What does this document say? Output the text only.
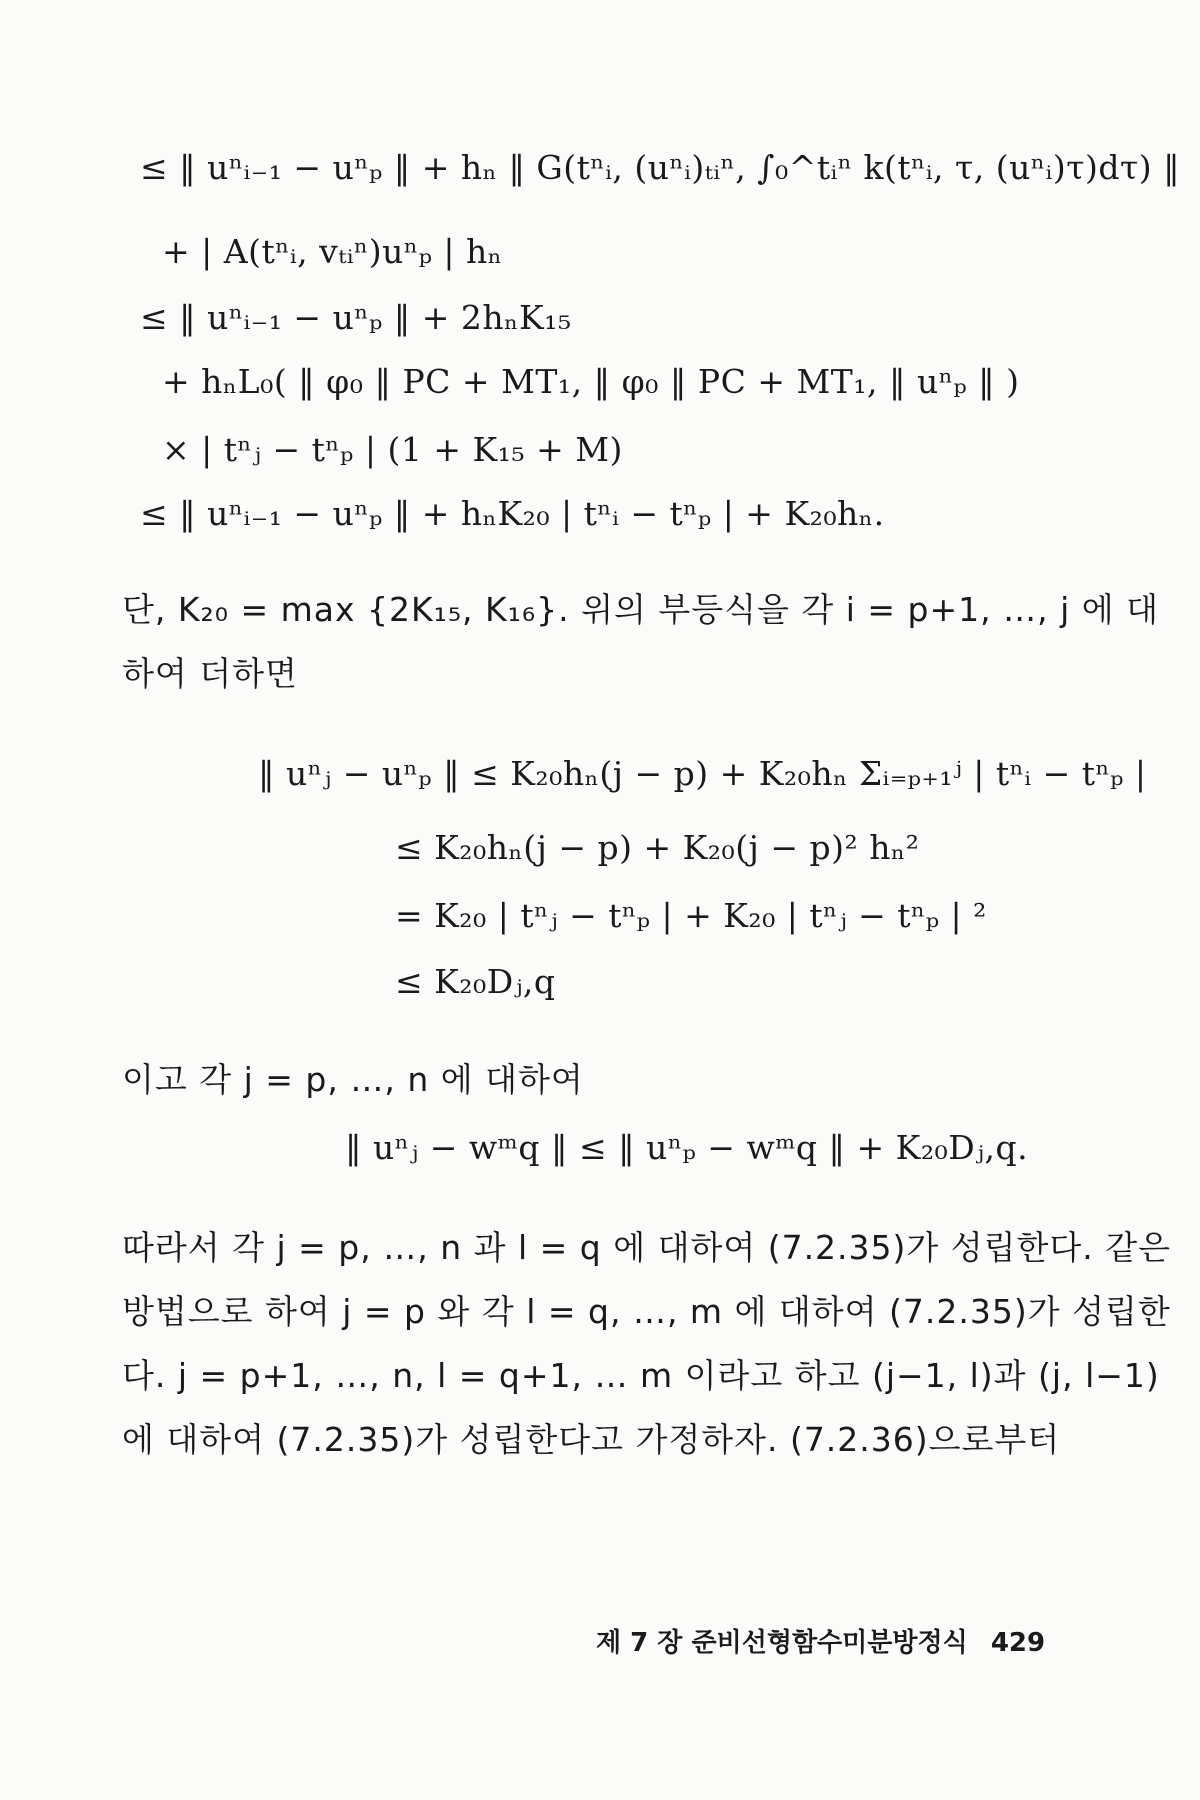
≤ ‖ uⁿᵢ₋₁ − uⁿₚ ‖ + hₙ ‖ G(tⁿᵢ, (uⁿᵢ)ₜᵢⁿ, ∫₀^tᵢⁿ k(tⁿᵢ, τ, (uⁿᵢ)τ)dτ) ‖
+ | A(tⁿᵢ, vₜᵢⁿ)uⁿₚ | hₙ
≤ ‖ uⁿᵢ₋₁ − uⁿₚ ‖ + 2hₙK₁₅
+ hₙL₀( ‖ φ₀ ‖ PC + MT₁, ‖ φ₀ ‖ PC + MT₁, ‖ uⁿₚ ‖ )
× | tⁿⱼ − tⁿₚ | (1 + K₁₅ + M)
≤ ‖ uⁿᵢ₋₁ − uⁿₚ ‖ + hₙK₂₀ | tⁿᵢ − tⁿₚ | + K₂₀hₙ.
단, K₂₀ = max {2K₁₅, K₁₆}. 위의 부등식을 각 i = p+1, …, j 에 대
하여 더하면
‖ uⁿⱼ − uⁿₚ ‖ ≤ K₂₀hₙ(j − p) + K₂₀hₙ Σᵢ₌ₚ₊₁ʲ | tⁿᵢ − tⁿₚ |
≤ K₂₀hₙ(j − p) + K₂₀(j − p)² hₙ²
= K₂₀ | tⁿⱼ − tⁿₚ | + K₂₀ | tⁿⱼ − tⁿₚ | ²
≤ K₂₀Dⱼ,q
이고 각 j = p, …, n 에 대하여
‖ uⁿⱼ − wᵐq ‖ ≤ ‖ uⁿₚ − wᵐq ‖ + K₂₀Dⱼ,q.
따라서 각 j = p, …, n 과 l = q 에 대하여 (7.2.35)가 성립한다. 같은
방법으로 하여 j = p 와 각 l = q, …, m 에 대하여 (7.2.35)가 성립한
다. j = p+1, …, n, l = q+1, … m 이라고 하고 (j−1, l)과 (j, l−1)
에 대하여 (7.2.35)가 성립한다고 가정하자. (7.2.36)으로부터
제 7 장 준비선형함수미분방정식 429
